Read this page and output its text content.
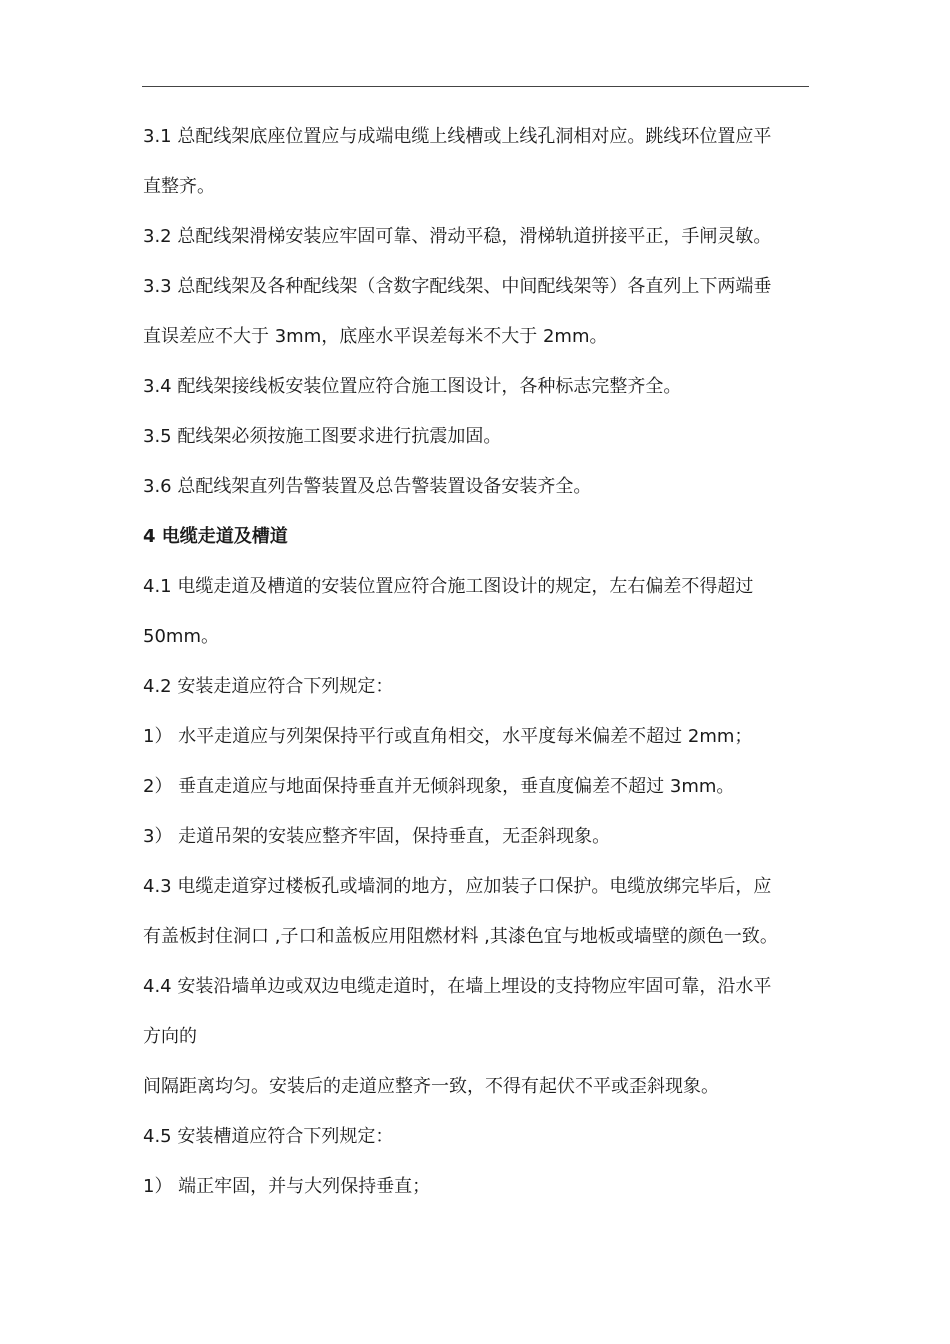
3.1 总配线架底座位置应与成端电缆上线槽或上线孔洞相对应。跳线环位置应平
直整齐。
3.2 总配线架滑梯安装应牢固可靠、滑动平稳，滑梯轨道拼接平正，手闸灵敏。
3.3 总配线架及各种配线架（含数字配线架、中间配线架等）各直列上下两端垂
直误差应不大于 3mm，底座水平误差每米不大于 2mm。
3.4 配线架接线板安装位置应符合施工图设计，各种标志完整齐全。
3.5 配线架必须按施工图要求进行抗震加固。
3.6 总配线架直列告警装置及总告警装置设备安装齐全。
4 电缆走道及槽道
4.1 电缆走道及槽道的安装位置应符合施工图设计的规定，左右偏差不得超过
50mm。
4.2 安装走道应符合下列规定：
1） 水平走道应与列架保持平行或直角相交，水平度每米偏差不超过 2mm；
2） 垂直走道应与地面保持垂直并无倾斜现象，垂直度偏差不超过 3mm。
3） 走道吊架的安装应整齐牢固，保持垂直，无歪斜现象。
4.3 电缆走道穿过楼板孔或墙洞的地方，应加装子口保护。电缆放绑完毕后，应
有盖板封住洞口 ,子口和盖板应用阻燃材料 ,其漆色宜与地板或墙壁的颜色一致。
4.4 安装沿墙单边或双边电缆走道时，在墙上埋设的支持物应牢固可靠，沿水平
方向的
间隔距离均匀。安装后的走道应整齐一致，不得有起伏不平或歪斜现象。
4.5 安装槽道应符合下列规定：
1） 端正牢固，并与大列保持垂直；
